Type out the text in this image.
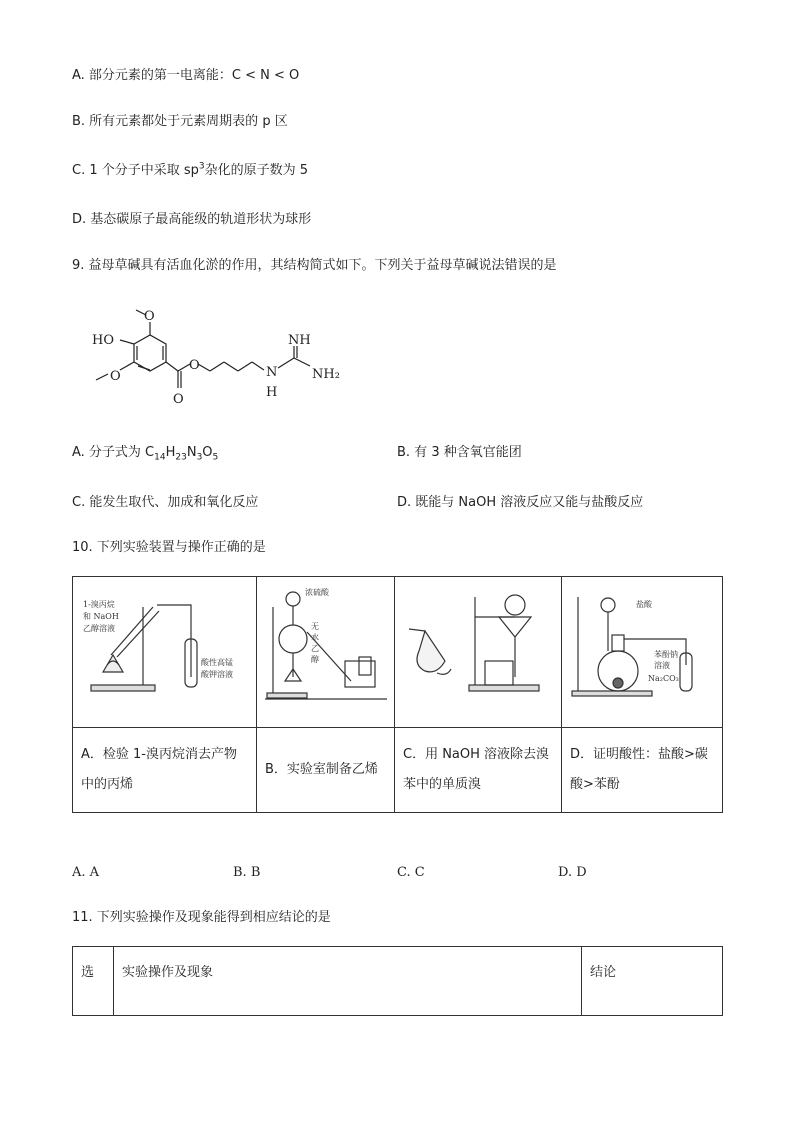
A. 部分元素的第一电离能：C < N < O
B. 所有元素都处于元素周期表的 p 区
C. 1 个分子中采取 $sp^3$杂化的原子数为 5
D. 基态碳原子最高能级的轨道形状为球形
9. 益母草碱具有活血化淤的作用，其结构简式如下。下列关于益母草碱说法错误的是
O
HO
O
O
O
N
H
NH
NH₂
A. 分子式为 $C_{14}H_{23}N_3O_5$	B. 有 3 种含氧官能团
C. 能发生取代、加成和氧化反应	D. 既能与 NaOH 溶液反应又能与盐酸反应
10. 下列实验装置与操作正确的是
1-溴丙烷
和 NaOH
乙醇溶液
酸性高锰
酸钾溶液	浓硫酸
无
水
乙
醇		盐酸
苯酚钠
溶液
Na₂CO₃

A．检验 1-溴丙烷消去产物中的丙烯	B．实验室制备乙烯	C．用 NaOH 溶液除去溴苯中的单质溴	D．证明酸性：盐酸>碳酸>苯酚
A. A	B. B	C. C	D. D
11. 下列实验操作及现象能得到相应结论的是
选	实验操作及现象	结论
